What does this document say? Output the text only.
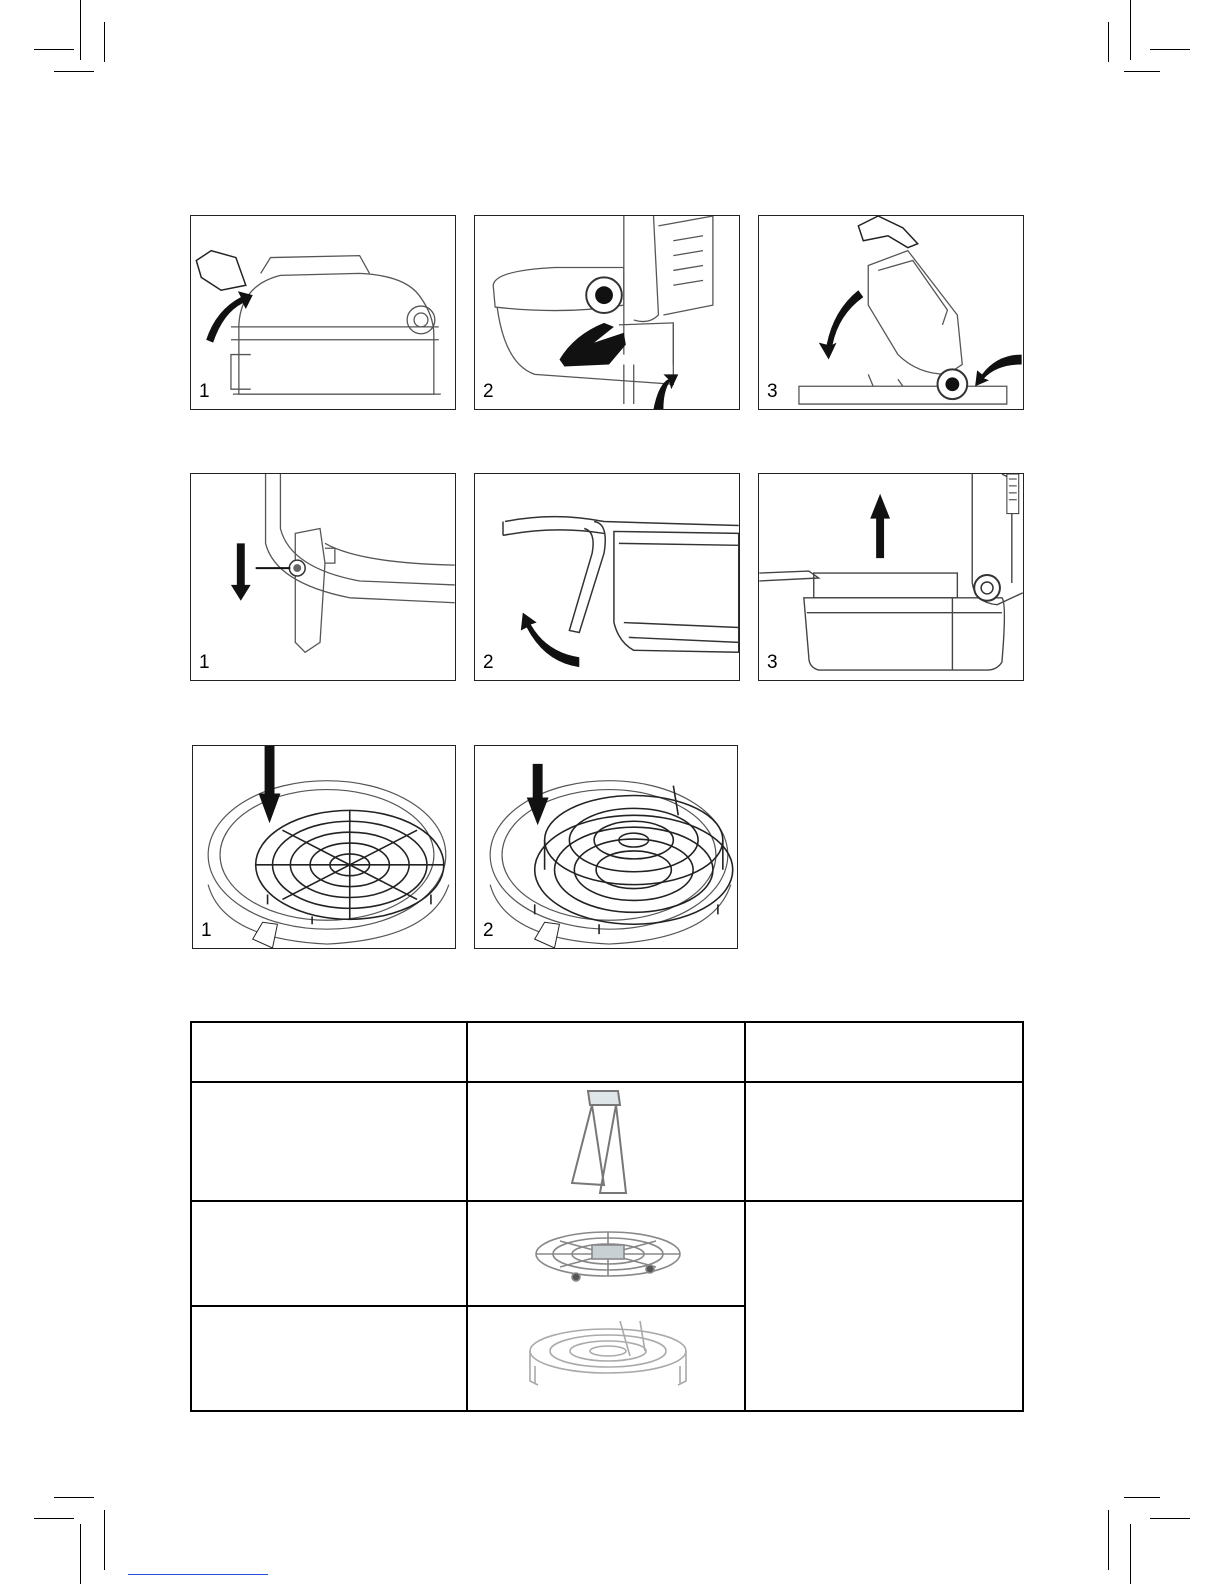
1	2	3
1	2	3
1	2
